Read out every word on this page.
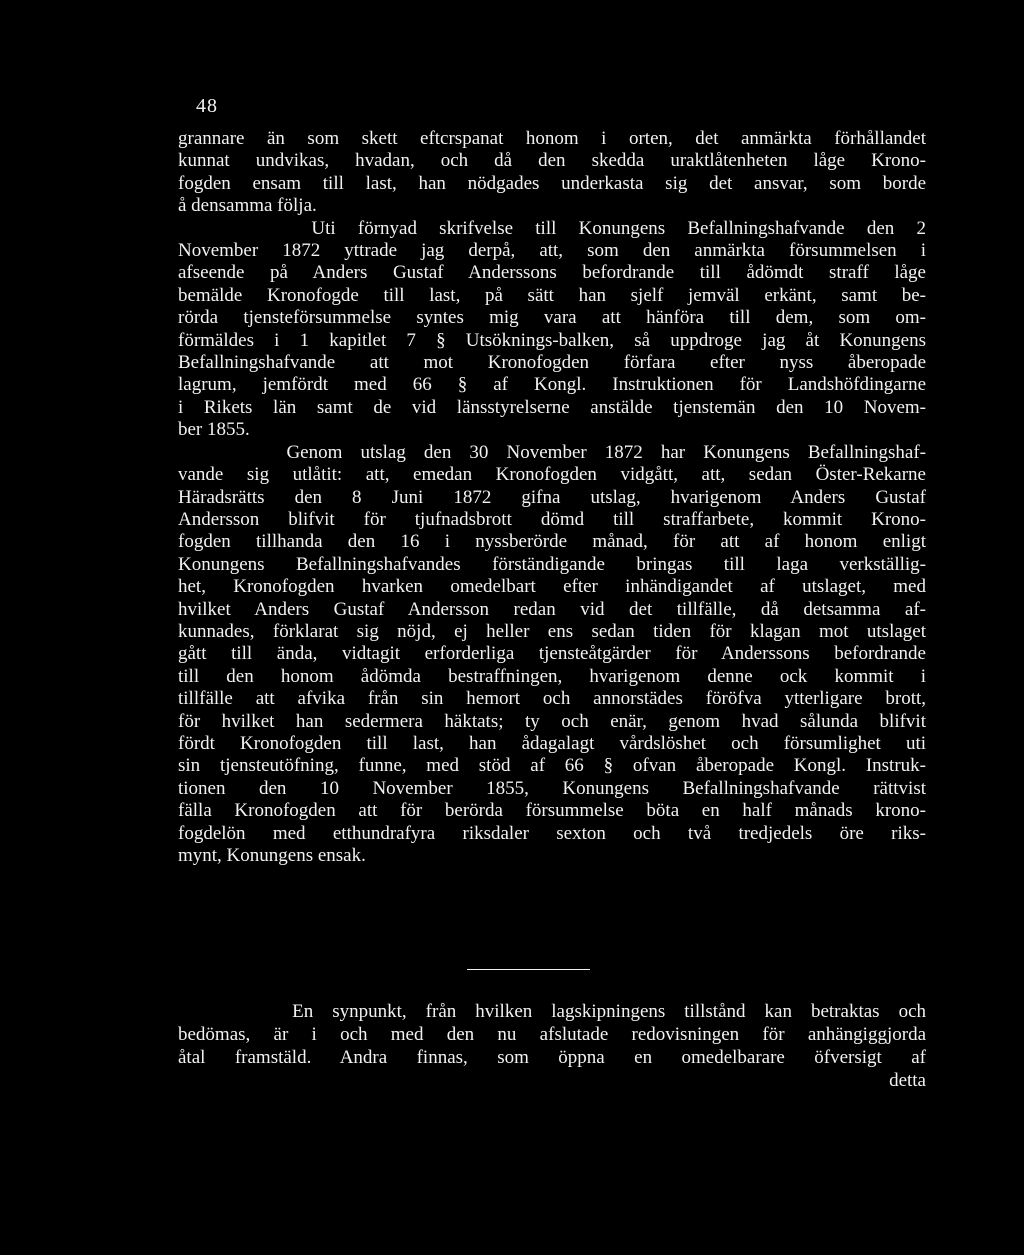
48
grannare än som skett eftcrspanat honom i orten, det anmärkta förhållandet
kunnat undvikas, hvadan, och då den skedda uraktlåtenheten låge Krono-
fogden ensam till last, han nödgades underkasta sig det ansvar, som borde
å densamma följa.
Uti förnyad skrifvelse till Konungens Befallningshafvande den 2
November 1872 yttrade jag derpå, att, som den anmärkta försummelsen i
afseende på Anders Gustaf Anderssons befordrande till ådömdt straff låge
bemälde Kronofogde till last, på sätt han sjelf jemväl erkänt, samt be-
rörda tjensteförsummelse syntes mig vara att hänföra till dem, som om-
förmäldes i 1 kapitlet 7 § Utsöknings-balken, så uppdroge jag åt Konungens
Befallningshafvande att mot Kronofogden förfara efter nyss åberopade
lagrum, jemfördt med 66 § af Kongl. Instruktionen för Landshöfdingarne
i Rikets län samt de vid länsstyrelserne anstälde tjenstemän den 10 Novem-
ber 1855.
Genom utslag den 30 November 1872 har Konungens Befallningshaf-
vande sig utlåtit: att, emedan Kronofogden vidgått, att, sedan Öster-Rekarne
Häradsrätts den 8 Juni 1872 gifna utslag, hvarigenom Anders Gustaf
Andersson blifvit för tjufnadsbrott dömd till straffarbete, kommit Krono-
fogden tillhanda den 16 i nyssberörde månad, för att af honom enligt
Konungens Befallningshafvandes förständigande bringas till laga verkställig-
het, Kronofogden hvarken omedelbart efter inhändigandet af utslaget, med
hvilket Anders Gustaf Andersson redan vid det tillfälle, då detsamma af-
kunnades, förklarat sig nöjd, ej heller ens sedan tiden för klagan mot utslaget
gått till ända, vidtagit erforderliga tjensteåtgärder för Anderssons befordrande
till den honom ådömda bestraffningen, hvarigenom denne ock kommit i
tillfälle att afvika från sin hemort och annorstädes föröfva ytterligare brott,
för hvilket han sedermera häktats; ty och enär, genom hvad sålunda blifvit
fördt Kronofogden till last, han ådagalagt vårdslöshet och försumlighet uti
sin tjensteutöfning, funne, med stöd af 66 § ofvan åberopade Kongl. Instruk-
tionen den 10 November 1855, Konungens Befallningshafvande rättvist
fälla Kronofogden att för berörda försummelse böta en half månads krono-
fogdelön med etthundrafyra riksdaler sexton och två tredjedels öre riks-
mynt, Konungens ensak.
En synpunkt, från hvilken lagskipningens tillstånd kan betraktas och
bedömas, är i och med den nu afslutade redovisningen för anhängiggjorda
åtal framstäld. Andra finnas, som öppna en omedelbarare öfversigt af
detta
